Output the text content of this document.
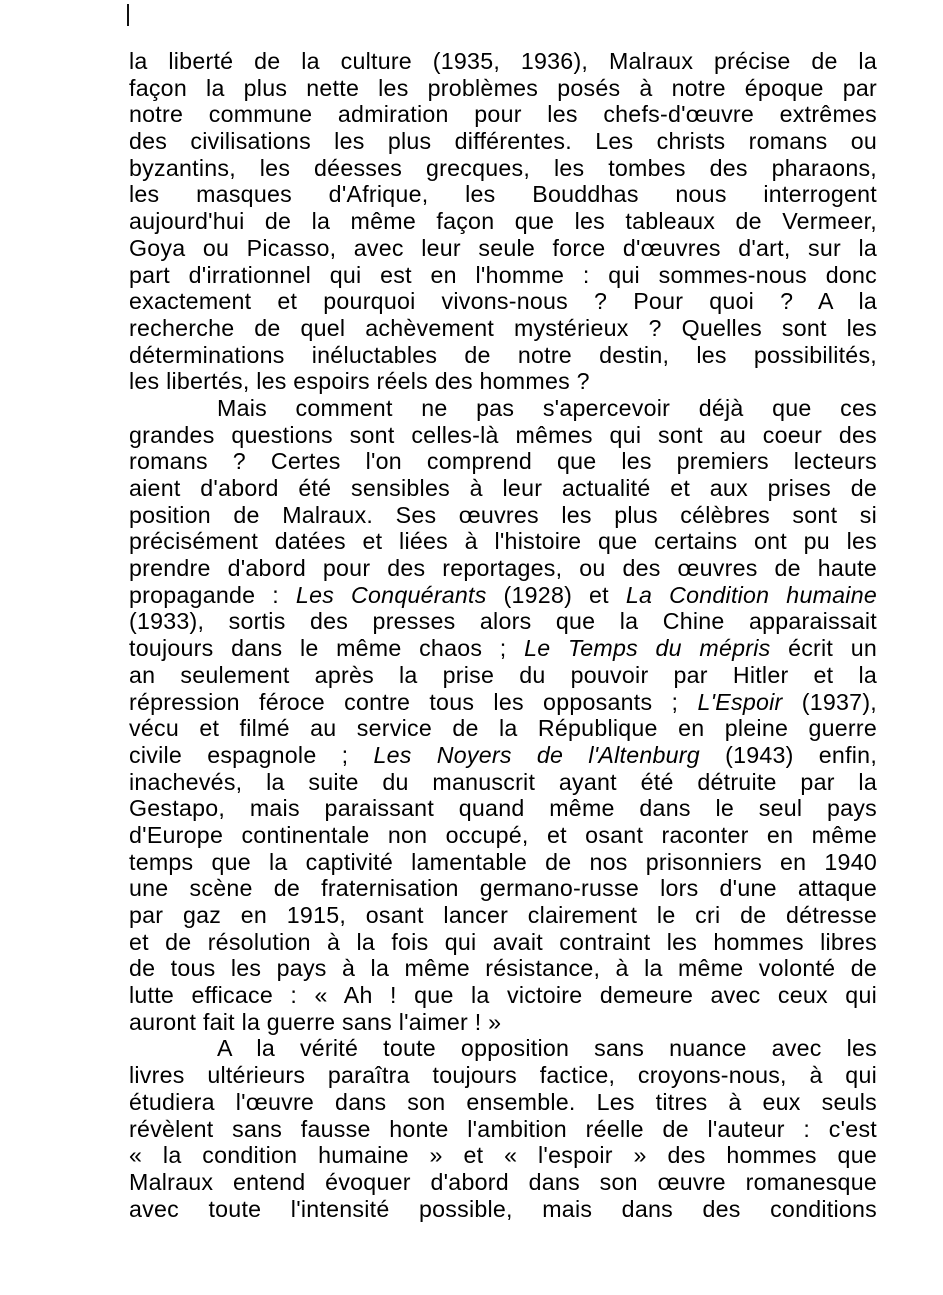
la liberté de la culture (1935, 1936), Malraux précise de la
façon la plus nette les problèmes posés à notre époque par
notre commune admiration pour les chefs-d'œuvre extrêmes
des civilisations les plus différentes. Les christs romans ou
byzantins, les déesses grecques, les tombes des pharaons,
les masques d'Afrique, les Bouddhas nous interrogent
aujourd'hui de la même façon que les tableaux de Vermeer,
Goya ou Picasso, avec leur seule force d'œuvres d'art, sur la
part d'irrationnel qui est en l'homme : qui sommes-nous donc
exactement et pourquoi vivons-nous ? Pour quoi ? A la
recherche de quel achèvement mystérieux ? Quelles sont les
déterminations inéluctables de notre destin, les possibilités,
les libertés, les espoirs réels des hommes ?
Mais comment ne pas s'apercevoir déjà que ces
grandes questions sont celles-là mêmes qui sont au coeur des
romans ? Certes l'on comprend que les premiers lecteurs
aient d'abord été sensibles à leur actualité et aux prises de
position de Malraux. Ses œuvres les plus célèbres sont si
précisément datées et liées à l'histoire que certains ont pu les
prendre d'abord pour des reportages, ou des œuvres de haute
propagande : Les Conquérants (1928) et La Condition humaine
(1933), sortis des presses alors que la Chine apparaissait
toujours dans le même chaos ; Le Temps du mépris écrit un
an seulement après la prise du pouvoir par Hitler et la
répression féroce contre tous les opposants ; L'Espoir (1937),
vécu et filmé au service de la République en pleine guerre
civile espagnole ; Les Noyers de l'Altenburg (1943) enfin,
inachevés, la suite du manuscrit ayant été détruite par la
Gestapo, mais paraissant quand même dans le seul pays
d'Europe continentale non occupé, et osant raconter en même
temps que la captivité lamentable de nos prisonniers en 1940
une scène de fraternisation germano-russe lors d'une attaque
par gaz en 1915, osant lancer clairement le cri de détresse
et de résolution à la fois qui avait contraint les hommes libres
de tous les pays à la même résistance, à la même volonté de
lutte efficace : « Ah ! que la victoire demeure avec ceux qui
auront fait la guerre sans l'aimer ! »
A la vérité toute opposition sans nuance avec les
livres ultérieurs paraîtra toujours factice, croyons-nous, à qui
étudiera l'œuvre dans son ensemble. Les titres à eux seuls
révèlent sans fausse honte l'ambition réelle de l'auteur : c'est
« la condition humaine » et « l'espoir » des hommes que
Malraux entend évoquer d'abord dans son œuvre romanesque
avec toute l'intensité possible, mais dans des conditions
